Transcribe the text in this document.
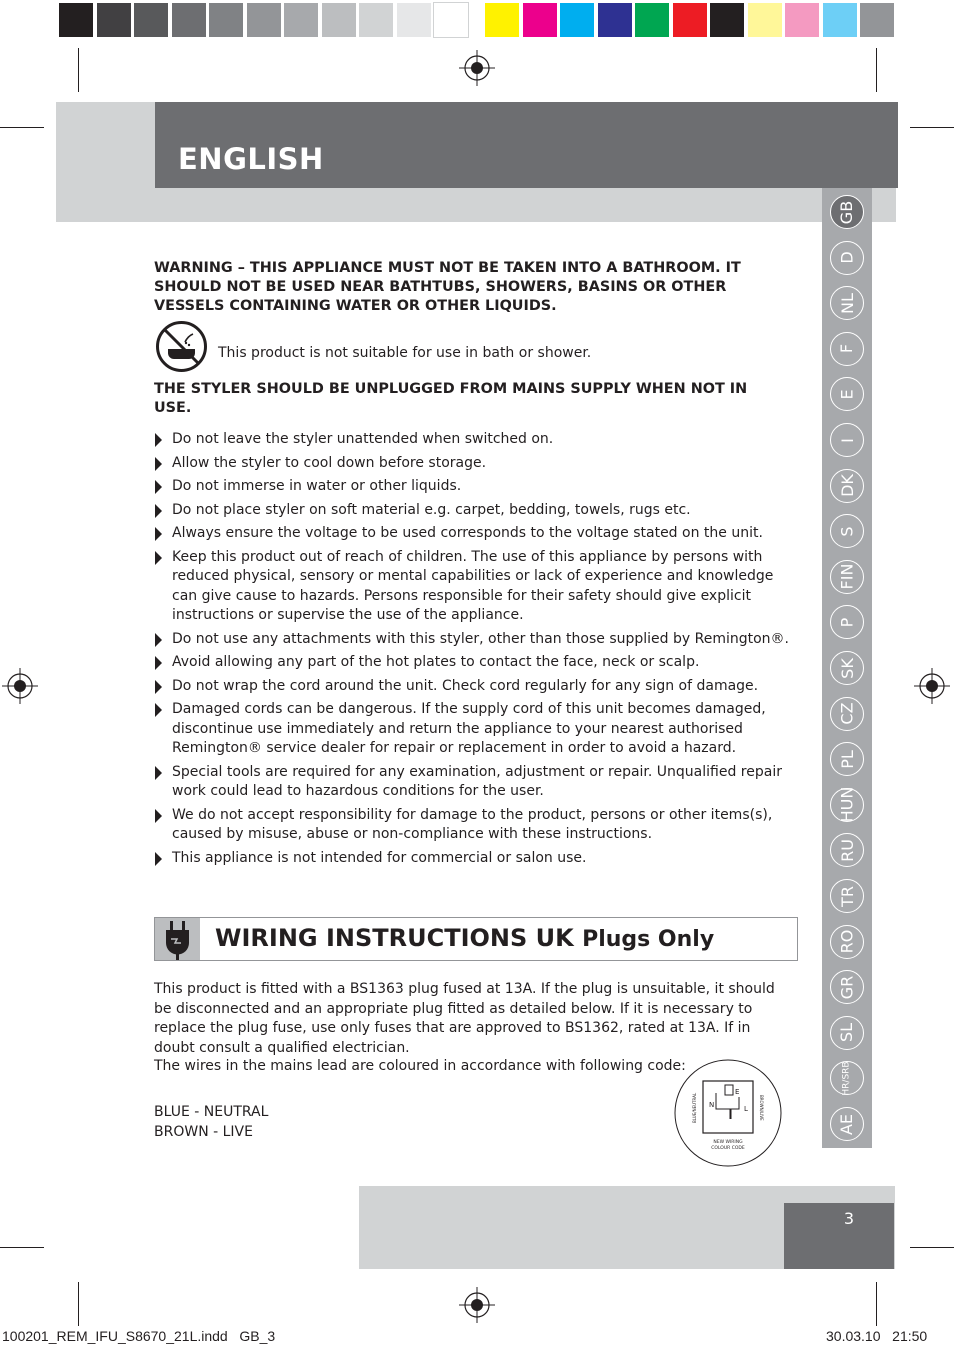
ENGLISH
GB
D
NL
F
E
I
DK
S
FIN
P
SK
CZ
PL
HUN
RU
TR
RO
GR
SL
HR/SRB
AE
WARNING – THIS APPLIANCE MUST NOT BE TAKEN INTO A BATHROOM. IT SHOULD NOT BE USED NEAR BATHTUBS, SHOWERS, BASINS OR OTHER VESSELS CONTAINING WATER OR OTHER LIQUIDS.
This product is not suitable for use in bath or shower.
THE STYLER SHOULD BE UNPLUGGED FROM MAINS SUPPLY WHEN NOT IN USE.
Do not leave the styler unattended when switched on.
Allow the styler to cool down before storage.
Do not immerse in water or other liquids.
Do not place styler on soft material e.g. carpet, bedding, towels, rugs etc.
Always ensure the voltage to be used corresponds to the voltage stated on the unit.
Keep this product out of reach of children. The use of this appliance by persons with reduced physical, sensory or mental capabilities or lack of experience and knowledge can give cause to hazards. Persons responsible for their safety should give explicit instructions or supervise the use of the appliance.
Do not use any attachments with this styler, other than those supplied by Remington®.
Avoid allowing any part of the hot plates to contact the face, neck or scalp.
Do not wrap the cord around the unit. Check cord regularly for any sign of damage.
Damaged cords can be dangerous. If the supply cord of this unit becomes damaged, discontinue use immediately and return the appliance to your nearest authorised Remington® service dealer for repair or replacement in order to avoid a hazard.
Special tools are required for any examination, adjustment or repair. Unqualified repair work could lead to hazardous conditions for the user.
We do not accept responsibility for damage to the product, persons or other items(s), caused by misuse, abuse or non-compliance with these instructions.
This appliance is not intended for commercial or salon use.
WIRING INSTRUCTIONS UK Plugs Only
This product is fitted with a BS1363 plug fused at 13A. If the plug is unsuitable, it should be disconnected and an appropriate plug fitted as detailed below. If it is necessary to replace the plug fuse, use only fuses that are approved to BS1362, rated at 13A. If in doubt consult a qualified electrician.
The wires in the mains lead are coloured in accordance with following code:
BLUE - NEUTRAL
BROWN - LIVE
E
N	L
BLUE/NEUTRAL	BROWN/LIVE
NEW WIRING
COLOUR CODE
3
100201_REM_IFU_S8670_21L.indd   GB_3	30.03.10   21:50
